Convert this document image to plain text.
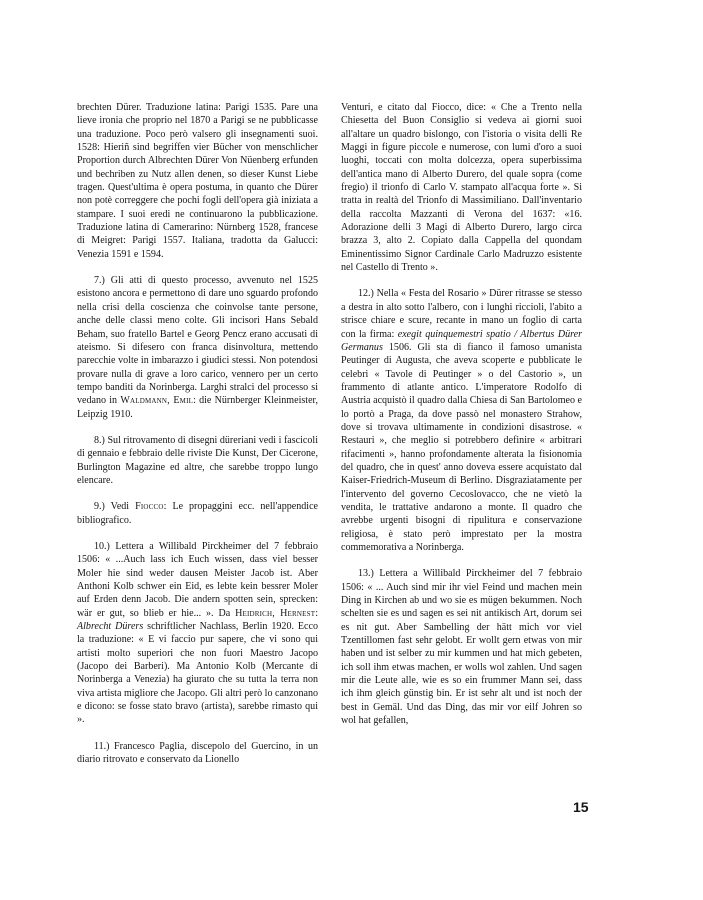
brechten Dürer. Traduzione latina: Parigi 1535. Pare una lieve ironia che proprio nel 1870 a Parigi se ne pubblicasse una traduzione. Poco però valsero gli insegnamenti suoi. 1528: Hieriñ sind begriffen vier Bücher von menschlicher Proportion durch Albrechten Dürer Von Nüenberg erfunden und bechriben zu Nutz allen denen, so dieser Kunst Liebe tragen. Quest'ultima è opera postuma, in quanto che Dürer non potè correggere che pochi fogli dell'opera già iniziata a stampare. I suoi eredi ne continuarono la pubblicazione. Traduzione latina di Camerarino: Nürnberg 1528, francese di Meigret: Parigi 1557. Italiana, tradotta da Galucci: Venezia 1591 e 1594.

7.) Gli atti di questo processo, avvenuto nel 1525 esistono ancora e permettono di dare uno sguardo profondo nella crisi della coscienza che coinvolse tante persone, anche delle classi meno colte. Gli incisori Hans Sebald Beham, suo fratello Bartel e Georg Pencz erano accusati di ateismo. Si difesero con franca disinvoltura, mettendo parecchie volte in imbarazzo i giudici stessi. Non potendosi provare nulla di grave a loro carico, vennero per un certo tempo banditi da Norinberga. Larghi stralci del processo si vedano in Waldmann, Emil: die Nürnberger Kleinmeister, Leipzig 1910.

8.) Sul ritrovamento di disegni düreriani vedi i fascicoli di gennaio e febbraio delle riviste Die Kunst, Der Cicerone, Burlington Magazine ed altre, che sarebbe troppo lungo elencare.

9.) Vedi Fiocco: Le propaggini ecc. nell'appendice bibliografico.

10.) Lettera a Willibald Pirckheimer del 7 febbraio 1506: « ...Auch lass ich Euch wissen, dass viel besser Moler hie sind weder dausen Meister Jacob ist. Aber Anthoni Kolb schwer ein Eid, es lebte kein bessrer Moler auf Erden denn Jacob. Die andern spotten sein, sprecken: wär er gut, so blieb er hie... ». Da Heidrich, Hernest: Albrecht Dürers schriftlicher Nachlass, Berlin 1920. Ecco la traduzione: « E vi faccio pur sapere, che vi sono qui artisti molto superiori che non fuori Maestro Jacopo (Jacopo dei Barberi). Ma Antonio Kolb (Mercante di Norinberga a Venezia) ha giurato che su tutta la terra non viva artista migliore che Jacopo. Gli altri però lo canzonano e dicono: se fosse stato bravo (artista), sarebbe rimasto qui ».

11.) Francesco Paglia, discepolo del Guercino, in un diario ritrovato e conservato da Lionello

Venturi, e citato dal Fiocco, dice: « Che a Trento nella Chiesetta del Buon Consiglio si vedeva ai giorni suoi all'altare un quadro bislongo, con l'istoria o visita delli Re Maggi in figure piccole e numerose, con lumi d'oro a suoi luoghi, toccati con molta dolcezza, opera superbissima dell'antica mano di Alberto Durero, del quale sopra (come fregio) il trionfo di Carlo V. stampato all'acqua forte ». Si tratta in realtà del Trionfo di Massimiliano. Dall'inventario della raccolta Mazzanti di Verona del 1637: «16. Adorazione delli 3 Magi di Alberto Durero, largo circa brazza 3, alto 2. Copiato dalla Cappella del quondam Eminentissimo Signor Cardinale Carlo Madruzzo esistente nel Castello di Trento ».

12.) Nella « Festa del Rosario » Dürer ritrasse se stesso a destra in alto sotto l'albero, con i lunghi riccioli, l'abito a strisce chiare e scure, recante in mano un foglio di carta con la firma: exegit quinquemestri spatio / Albertus Dürer Germanus 1506. Gli sta di fianco il famoso umanista Peutinger di Augusta, che aveva scoperte e pubblicate le celebri « Tavole di Peutinger » o del Castorio », un frammento di atlante antico. L'imperatore Rodolfo di Austria acquistò il quadro dalla Chiesa di San Bartolomeo e lo portò a Praga, da dove passò nel monastero Strahow, dove si trovava ultimamente in condizioni disastrose. « Restauri », che meglio si potrebbero definire « arbitrari rifacimenti », hanno profondamente alterata la fisionomia del quadro, che in quest' anno doveva essere acquistato dal Kaiser-Friedrich-Museum di Berlino. Disgraziatamente per l'intervento del governo Cecoslovacco, che ne vietò la vendita, le trattative andarono a monte. Il quadro che avrebbe urgenti bisogni di ripulitura e conservazione religiosa, è stato però imprestato per la mostra commemorativa a Norinberga.

13.) Lettera a Willibald Pirckheimer del 7 febbraio 1506: « ... Auch sind mir ihr viel Feind und machen mein Ding in Kirchen ab und wo sie es mügen bekummen. Noch schelten sie es und sagen es sei nit antikisch Art, dorum sei es nit gut. Aber Sambelling der hätt mich vor viel Tzentillomen fast sehr gelobt. Er wollt gern etwas von mir haben und ist selber zu mir kummen und hat mich gebeten, ich soll ihm etwas machen, er wolls wol zahlen. Und sagen mir die Leute alle, wie es so ein frummer Mann sei, dass ich ihm gleich günstig bin. Er ist sehr alt und ist noch der best in Gemäl. Und das Ding, das mir vor eilf Johren so wol hat gefallen,

15
